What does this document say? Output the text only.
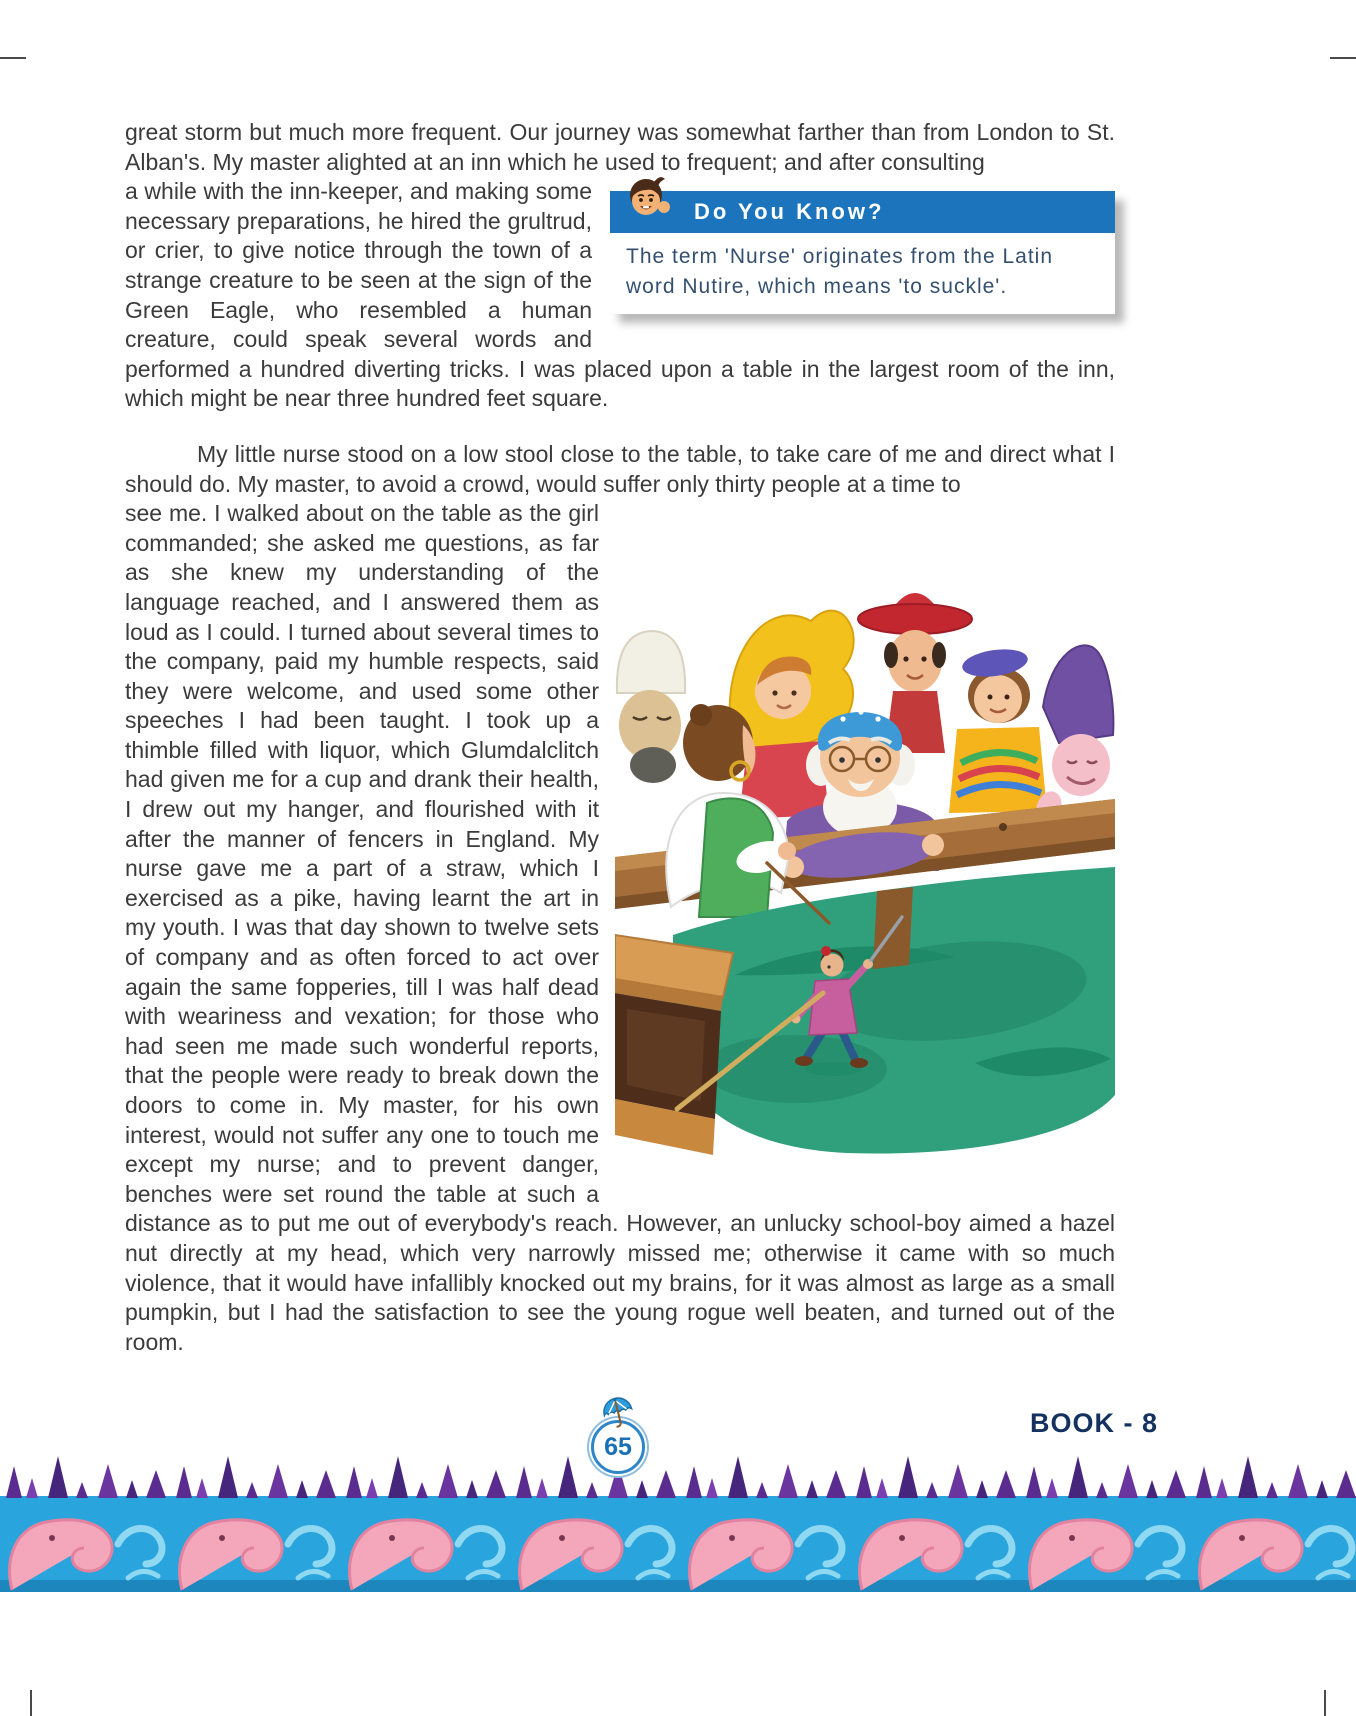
great storm but much more frequent. Our journey was somewhat farther than from London to St. Alban's. My master alighted at an inn which he used to frequent; and after consulting

Do You Know?
The term 'Nurse' originates from the Latin word Nutire, which means 'to suckle'.
a while with the inn-keeper, and making some necessary preparations, he hired the grultrud, or crier, to give notice through the town of a strange creature to be seen at the sign of the Green Eagle, who resembled a human creature, could speak several words and performed a hundred diverting tricks. I was placed upon a table in the largest room of the inn, which might be near three hundred feet square.

My little nurse stood on a low stool close to the table, to take care of me and direct what I should do. My master, to avoid a crowd, would suffer only thirty people at a time to

see me. I walked about on the table as the girl commanded; she asked me questions, as far as she knew my understanding of the language reached, and I answered them as loud as I could. I turned about several times to the company, paid my humble respects, said they were welcome, and used some other speeches I had been taught. I took up a thimble filled with liquor, which Glumdalclitch had given me for a cup and drank their health, I drew out my hanger, and flourished with it after the manner of fencers in England. My nurse gave me a part of a straw, which I exercised as a pike, having learnt the art in my youth. I was that day shown to twelve sets of company and as often forced to act over again the same fopperies, till I was half dead with weariness and vexation; for those who had seen me made such wonderful reports, that the people were ready to break down the doors to come in. My master, for his own interest, would not suffer any one to touch me except my nurse; and to prevent danger, benches were set round the table at such a distance as to put me out of everybody's reach. However, an unlucky school-boy aimed a hazel nut directly at my head, which very narrowly missed me; otherwise it came with so much violence, that it would have infallibly knocked out my brains, for it was almost as large as a small pumpkin, but I had the satisfaction to see the young rogue well beaten, and turned out of the room.

65
BOOK - 8
